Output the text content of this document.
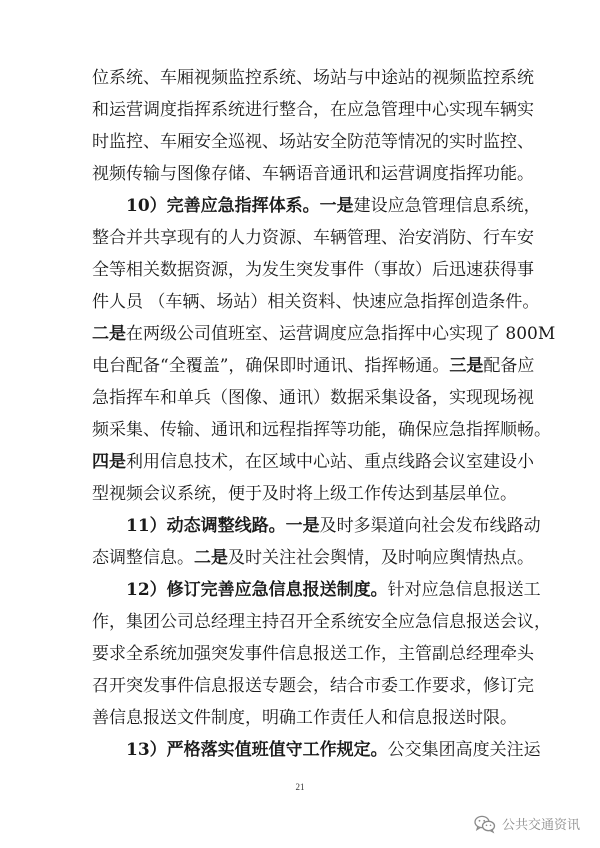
位系统、车厢视频监控系统、场站与中途站的视频监控系统
和运营调度指挥系统进行整合，在应急管理中心实现车辆实
时监控、车厢安全巡视、场站安全防范等情况的实时监控、
视频传输与图像存储、车辆语音通讯和运营调度指挥功能。
10）完善应急指挥体系。一是建设应急管理信息系统，
整合并共享现有的人力资源、车辆管理、治安消防、行车安
全等相关数据资源，为发生突发事件（事故）后迅速获得事
件人员 （车辆、场站）相关资料、快速应急指挥创造条件。
二是在两级公司值班室、运营调度应急指挥中心实现了 800M
电台配备“全覆盖”，确保即时通讯、指挥畅通。三是配备应
急指挥车和单兵（图像、通讯）数据采集设备，实现现场视
频采集、传输、通讯和远程指挥等功能，确保应急指挥顺畅。
四是利用信息技术，在区域中心站、重点线路会议室建设小
型视频会议系统，便于及时将上级工作传达到基层单位。
11）动态调整线路。一是及时多渠道向社会发布线路动
态调整信息。二是及时关注社会舆情，及时响应舆情热点。
12）修订完善应急信息报送制度。针对应急信息报送工
作，集团公司总经理主持召开全系统安全应急信息报送会议，
要求全系统加强突发事件信息报送工作，主管副总经理牵头
召开突发事件信息报送专题会，结合市委工作要求，修订完
善信息报送文件制度，明确工作责任人和信息报送时限。
13）严格落实值班值守工作规定。公交集团高度关注运
21
公共交通资讯
